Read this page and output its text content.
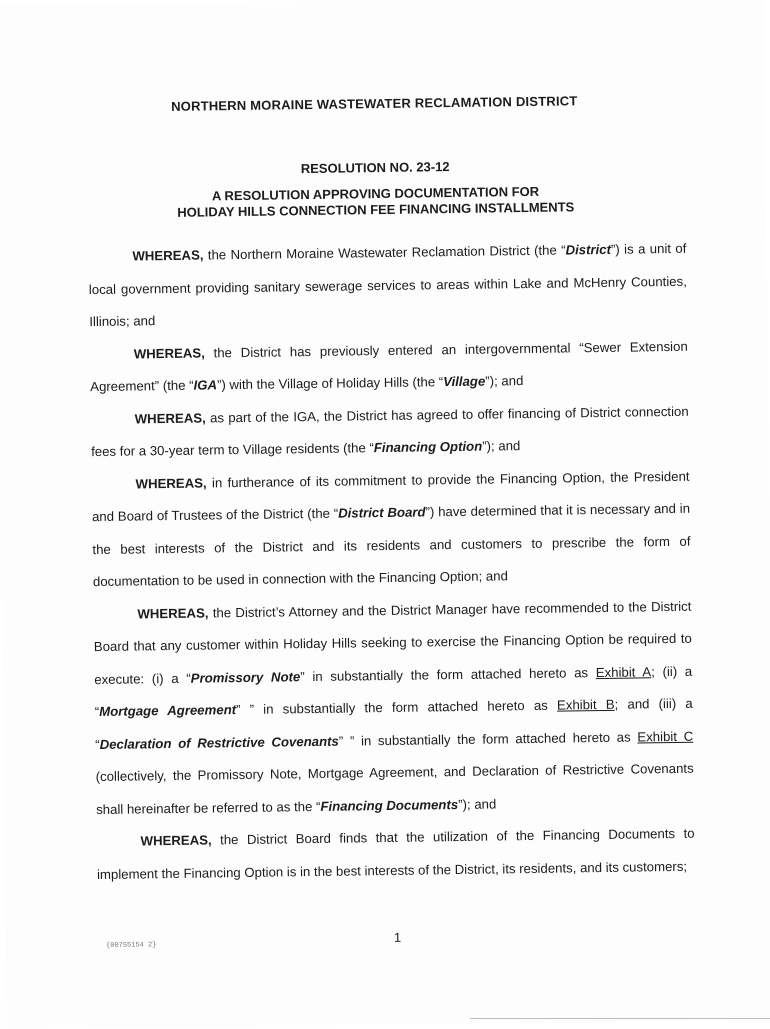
NORTHERN MORAINE WASTEWATER RECLAMATION DISTRICT
RESOLUTION NO. 23-12
A RESOLUTION APPROVING DOCUMENTATION FOR
HOLIDAY HILLS CONNECTION FEE FINANCING INSTALLMENTS

WHEREAS, the Northern Moraine Wastewater Reclamation District (the “District”) is a unit of local government providing sanitary sewerage services to areas within Lake and McHenry Counties, Illinois; and

WHEREAS, the District has previously entered an intergovernmental “Sewer Extension Agreement” (the “IGA”) with the Village of Holiday Hills (the “Village”); and

WHEREAS, as part of the IGA, the District has agreed to offer financing of District connection fees for a 30-year term to Village residents (the “Financing Option”); and

WHEREAS, in furtherance of its commitment to provide the Financing Option, the President and Board of Trustees of the District (the “District Board”) have determined that it is necessary and in the best interests of the District and its residents and customers to prescribe the form of documentation to be used in connection with the Financing Option; and

WHEREAS, the District’s Attorney and the District Manager have recommended to the District Board that any customer within Holiday Hills seeking to exercise the Financing Option be required to execute: (i) a “Promissory Note” in substantially the form attached hereto as Exhibit A; (ii) a “Mortgage Agreement” ” in substantially the form attached hereto as Exhibit B; and (iii) a “Declaration of Restrictive Covenants” ” in substantially the form attached hereto as Exhibit C (collectively, the Promissory Note, Mortgage Agreement, and Declaration of Restrictive Covenants shall hereinafter be referred to as the “Financing Documents”); and

WHEREAS, the District Board finds that the utilization of the Financing Documents to implement the Financing Option is in the best interests of the District, its residents, and its customers;

{00755154 2}
1
